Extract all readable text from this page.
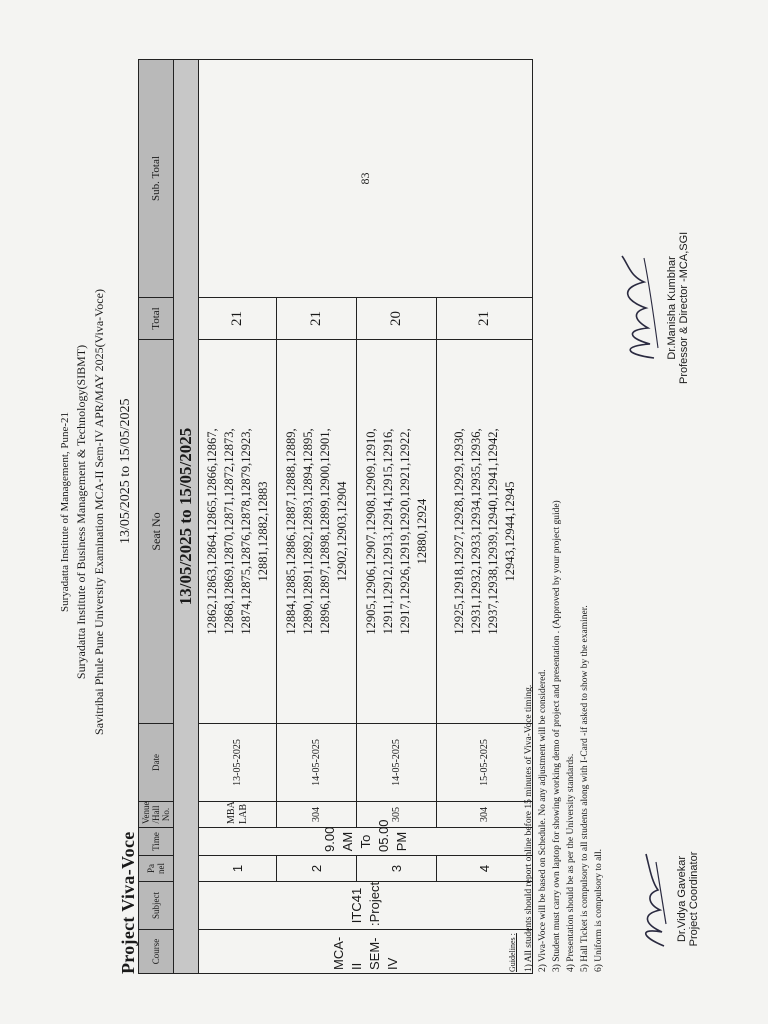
Suryadatta Institute of Management, Pune-21 Suryadatta Institute of Business Management & Technology(SIBMT) Savitribai Phule Pune University Examination MCA-II Sem-IV APR/MAY 2025(Viva-Voce)
Project Viva-Voce
13/05/2025 to 15/05/2025
Course	Subject	Pa nel	Time	Venue /Hall No.	Date	Seat No	Total	Sub. Total
13/05/2025 to 15/05/2025								
MCA- II SEM- IV	ITC41 :Project	1	9.00 AM To 05.00 PM	MBA LAB	13-05-2025	12862,12863,12864,12865,12866,12867, 12868,12869,12870,12871,12872,12873, 12874,12875,12876,12878,12879,12923, 12881,12882,12883	21	83
		2		304	14-05-2025	12884,12885,12886,12887,12888,12889, 12890,12891,12892,12893,12894,12895, 12896,12897,12898,12899,12900,12901, 12902,12903,12904	21	
		3		305	14-05-2025	12905,12906,12907,12908,12909,12910, 12911,12912,12913,12914,12915,12916, 12917,12926,12919,12920,12921,12922, 12880,12924	20	
		4		304	15-05-2025	12925,12918,12927,12928,12929,12930, 12931,12932,12933,12934,12935,12936, 12937,12938,12939,12940,12941,12942, 12943,12944,12945	21	
Guidelines : 1) All students should report online before 15 minutes of Viva-Voce timing. 2) Viva-Voce will be based on Schedule. No any adjustment will be considered. 3) Student must carry own laptop for showing working demo of project and presentation . (Approved by your project guide) 4) Presentation should be as per the University standards. 5) Hall Ticket is compulsory to all students along with I-Card -if asked to show by the examiner. 6) Uniform is compulsory to all.	Dr.Vidya Gavekar Project Coordinator
Dr.Manisha Kumbhar Professor & Director -MCA,SGI
